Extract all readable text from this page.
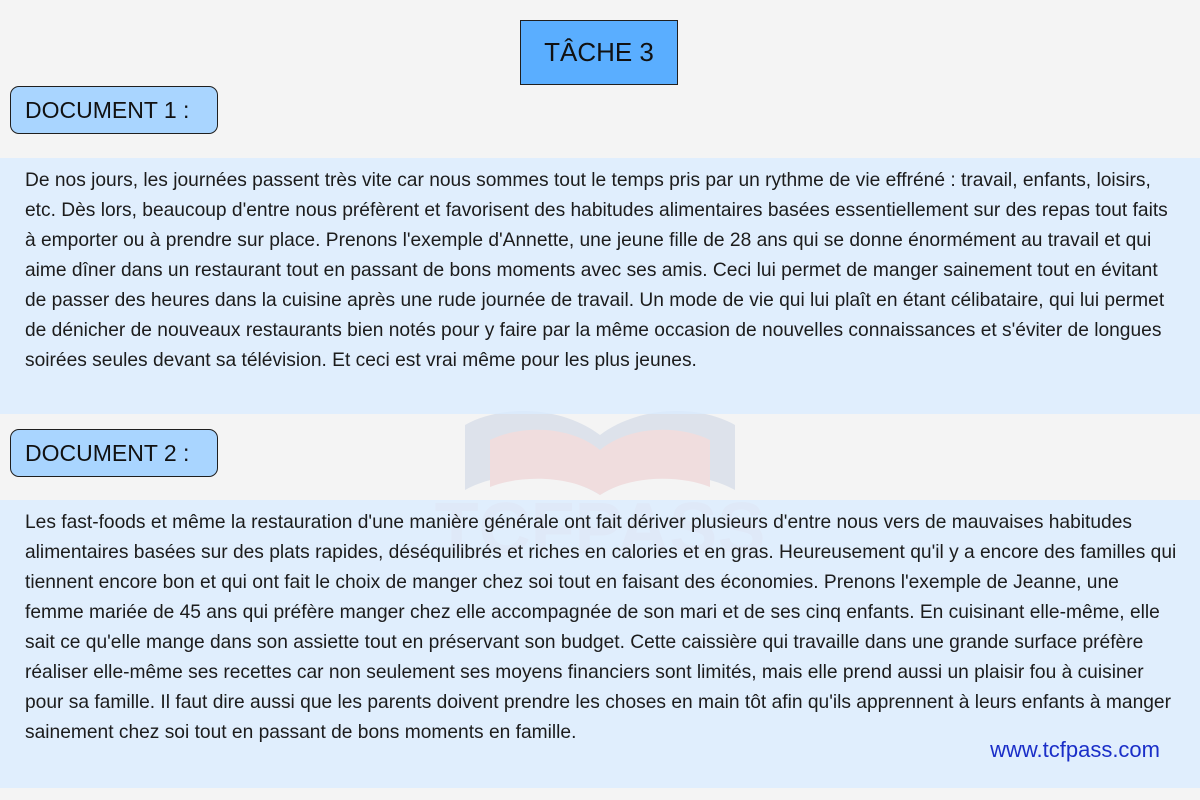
TÂCHE 3
DOCUMENT 1 :

De nos jours, les journées passent très vite car nous sommes tout le temps pris par un rythme de vie effréné : travail, enfants, loisirs, etc. Dès lors, beaucoup d'entre nous préfèrent et favorisent des habitudes alimentaires basées essentiellement sur des repas tout faits à emporter ou à prendre sur place. Prenons l'exemple d'Annette, une jeune fille de 28 ans qui se donne énormément au travail et qui aime dîner dans un restaurant tout en passant de bons moments avec ses amis. Ceci lui permet de manger sainement tout en évitant de passer des heures dans la cuisine après une rude journée de travail. Un mode de vie qui lui plaît en étant célibataire, qui lui permet de dénicher de nouveaux restaurants bien notés pour y faire par la même occasion de nouvelles connaissances et s'éviter de longues soirées seules devant sa télévision. Et ceci est vrai même pour les plus jeunes.

DOCUMENT 2 :

Les fast-foods et même la restauration d'une manière générale ont fait dériver plusieurs d'entre nous vers de mauvaises habitudes alimentaires basées sur des plats rapides, déséquilibrés et riches en calories et en gras. Heureusement qu'il y a encore des familles qui tiennent encore bon et qui ont fait le choix de manger chez soi tout en faisant des économies. Prenons l'exemple de Jeanne, une femme mariée de 45 ans qui préfère manger chez elle accompagnée de son mari et de ses cinq enfants. En cuisinant elle-même, elle sait ce qu'elle mange dans son assiette tout en préservant son budget. Cette caissière qui travaille dans une grande surface préfère réaliser elle-même ses recettes car non seulement ses moyens financiers sont limités, mais elle prend aussi un plaisir fou à cuisiner pour sa famille. Il faut dire aussi que les parents doivent prendre les choses en main tôt afin qu'ils apprennent à leurs enfants à manger sainement chez soi tout en passant de bons moments en famille.

www.tcfpass.com
